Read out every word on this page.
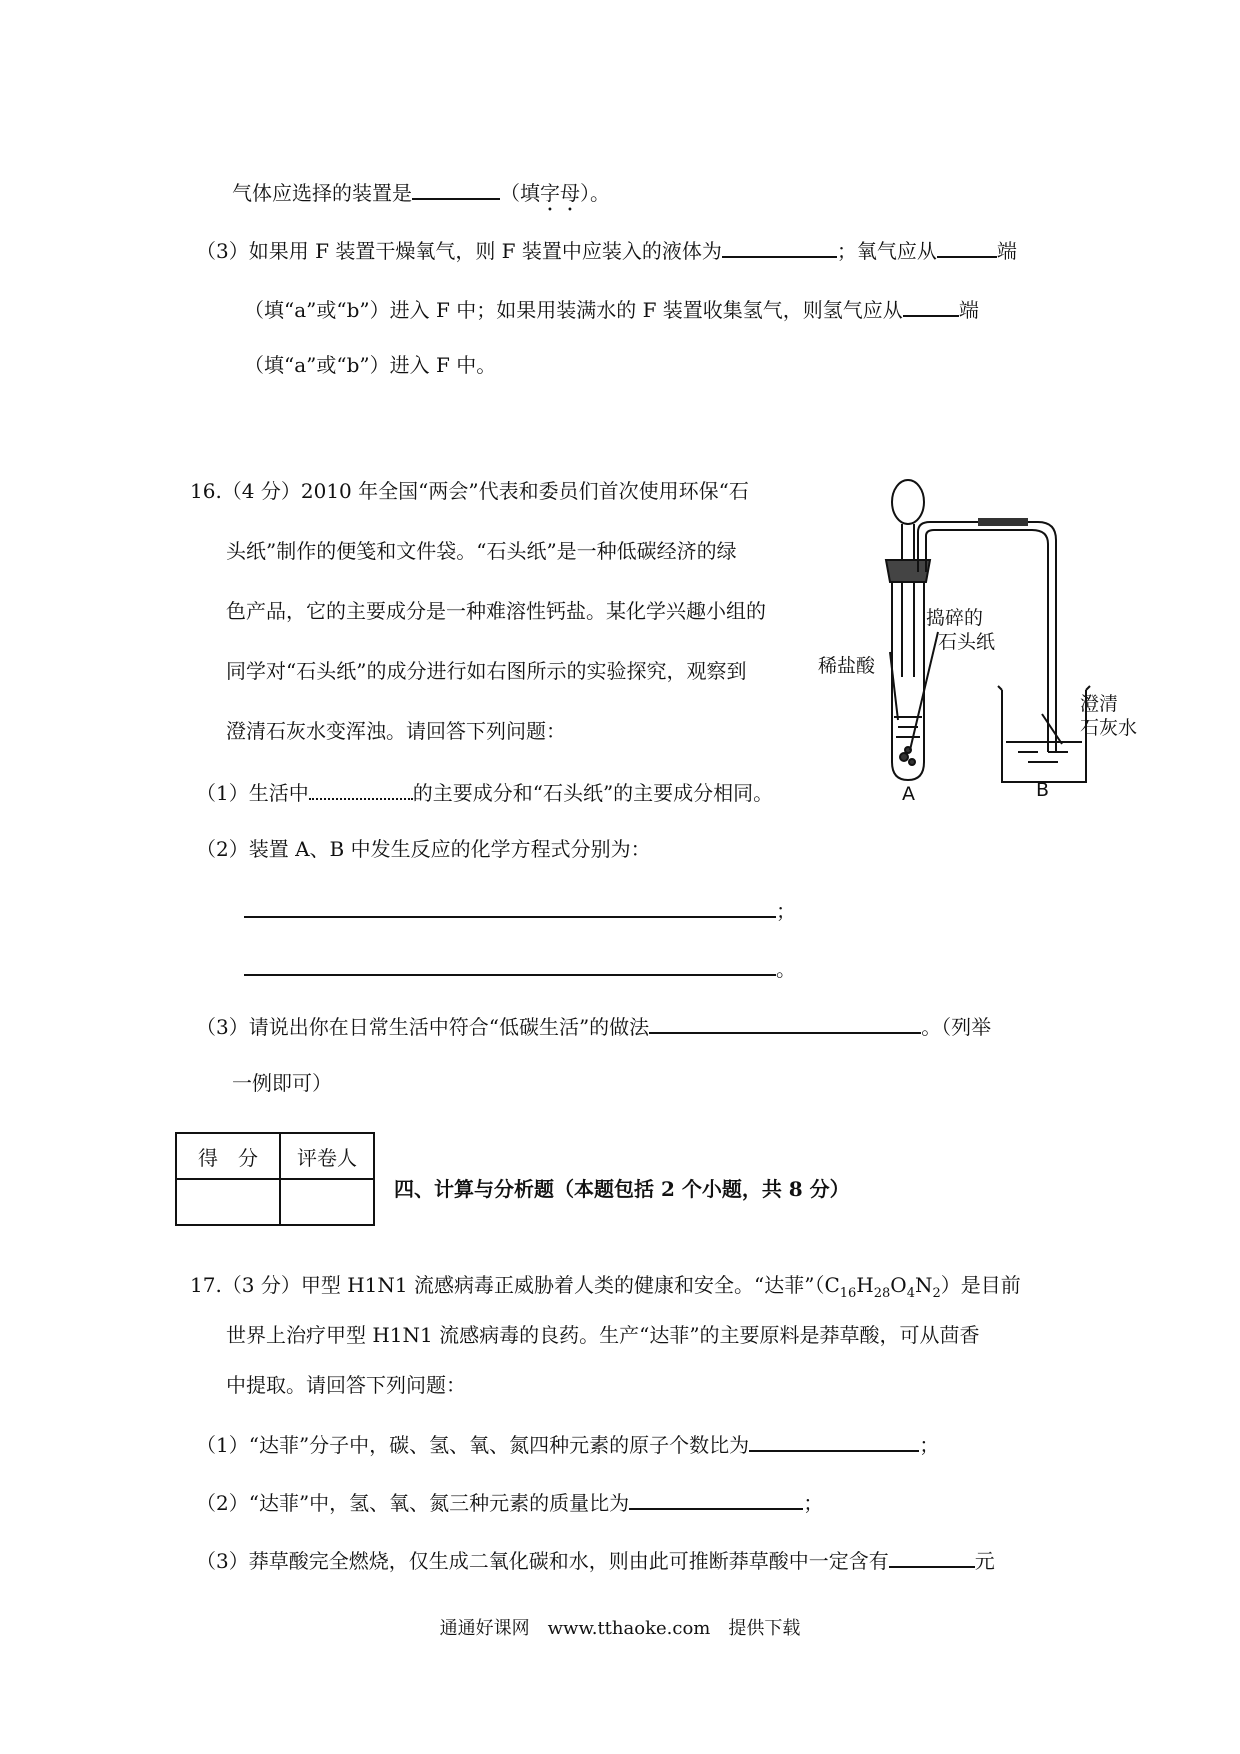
气体应选择的装置是	（填字母）。
（3）如果用 F 装置干燥氧气，则 F 装置中应装入的液体为	；氧气应从	端
（填“a”或“b”）进入 F 中；如果用装满水的 F 装置收集氢气，则氢气应从	端
（填“a”或“b”）进入 F 中。
16.（4 分）2010 年全国“两会”代表和委员们首次使用环保“石
头纸”制作的便笺和文件袋。“石头纸”是一种低碳经济的绿
色产品，它的主要成分是一种难溶性钙盐。某化学兴趣小组的
同学对“石头纸”的成分进行如右图所示的实验探究，观察到
澄清石灰水变浑浊。请回答下列问题：
稀盐酸
捣碎的
石头纸
澄清
石灰水
A	B
（1）生活中	的主要成分和“石头纸”的主要成分相同。
（2）装置 A、B 中发生反应的化学方程式分别为：
；
。
（3）请说出你在日常生活中符合“低碳生活”的做法	。（列举
一例即可）
得　分	评卷人

四、计算与分析题（本题包括 2 个小题，共 8 分）
17.（3 分）甲型 H1N1 流感病毒正威胁着人类的健康和安全。“达菲$”(C_{16}H_{28}O_4N_2)$是目前
世界上治疗甲型 H1N1 流感病毒的良药。生产“达菲”的主要原料是莽草酸，可从茴香
中提取。请回答下列问题：
（1）“达菲”分子中，碳、氢、氧、氮四种元素的原子个数比为	；
（2）“达菲”中，氢、氧、氮三种元素的质量比为	；
（3）莽草酸完全燃烧，仅生成二氧化碳和水，则由此可推断莽草酸中一定含有	元
通通好课网　www.tthaoke.com　提供下载
